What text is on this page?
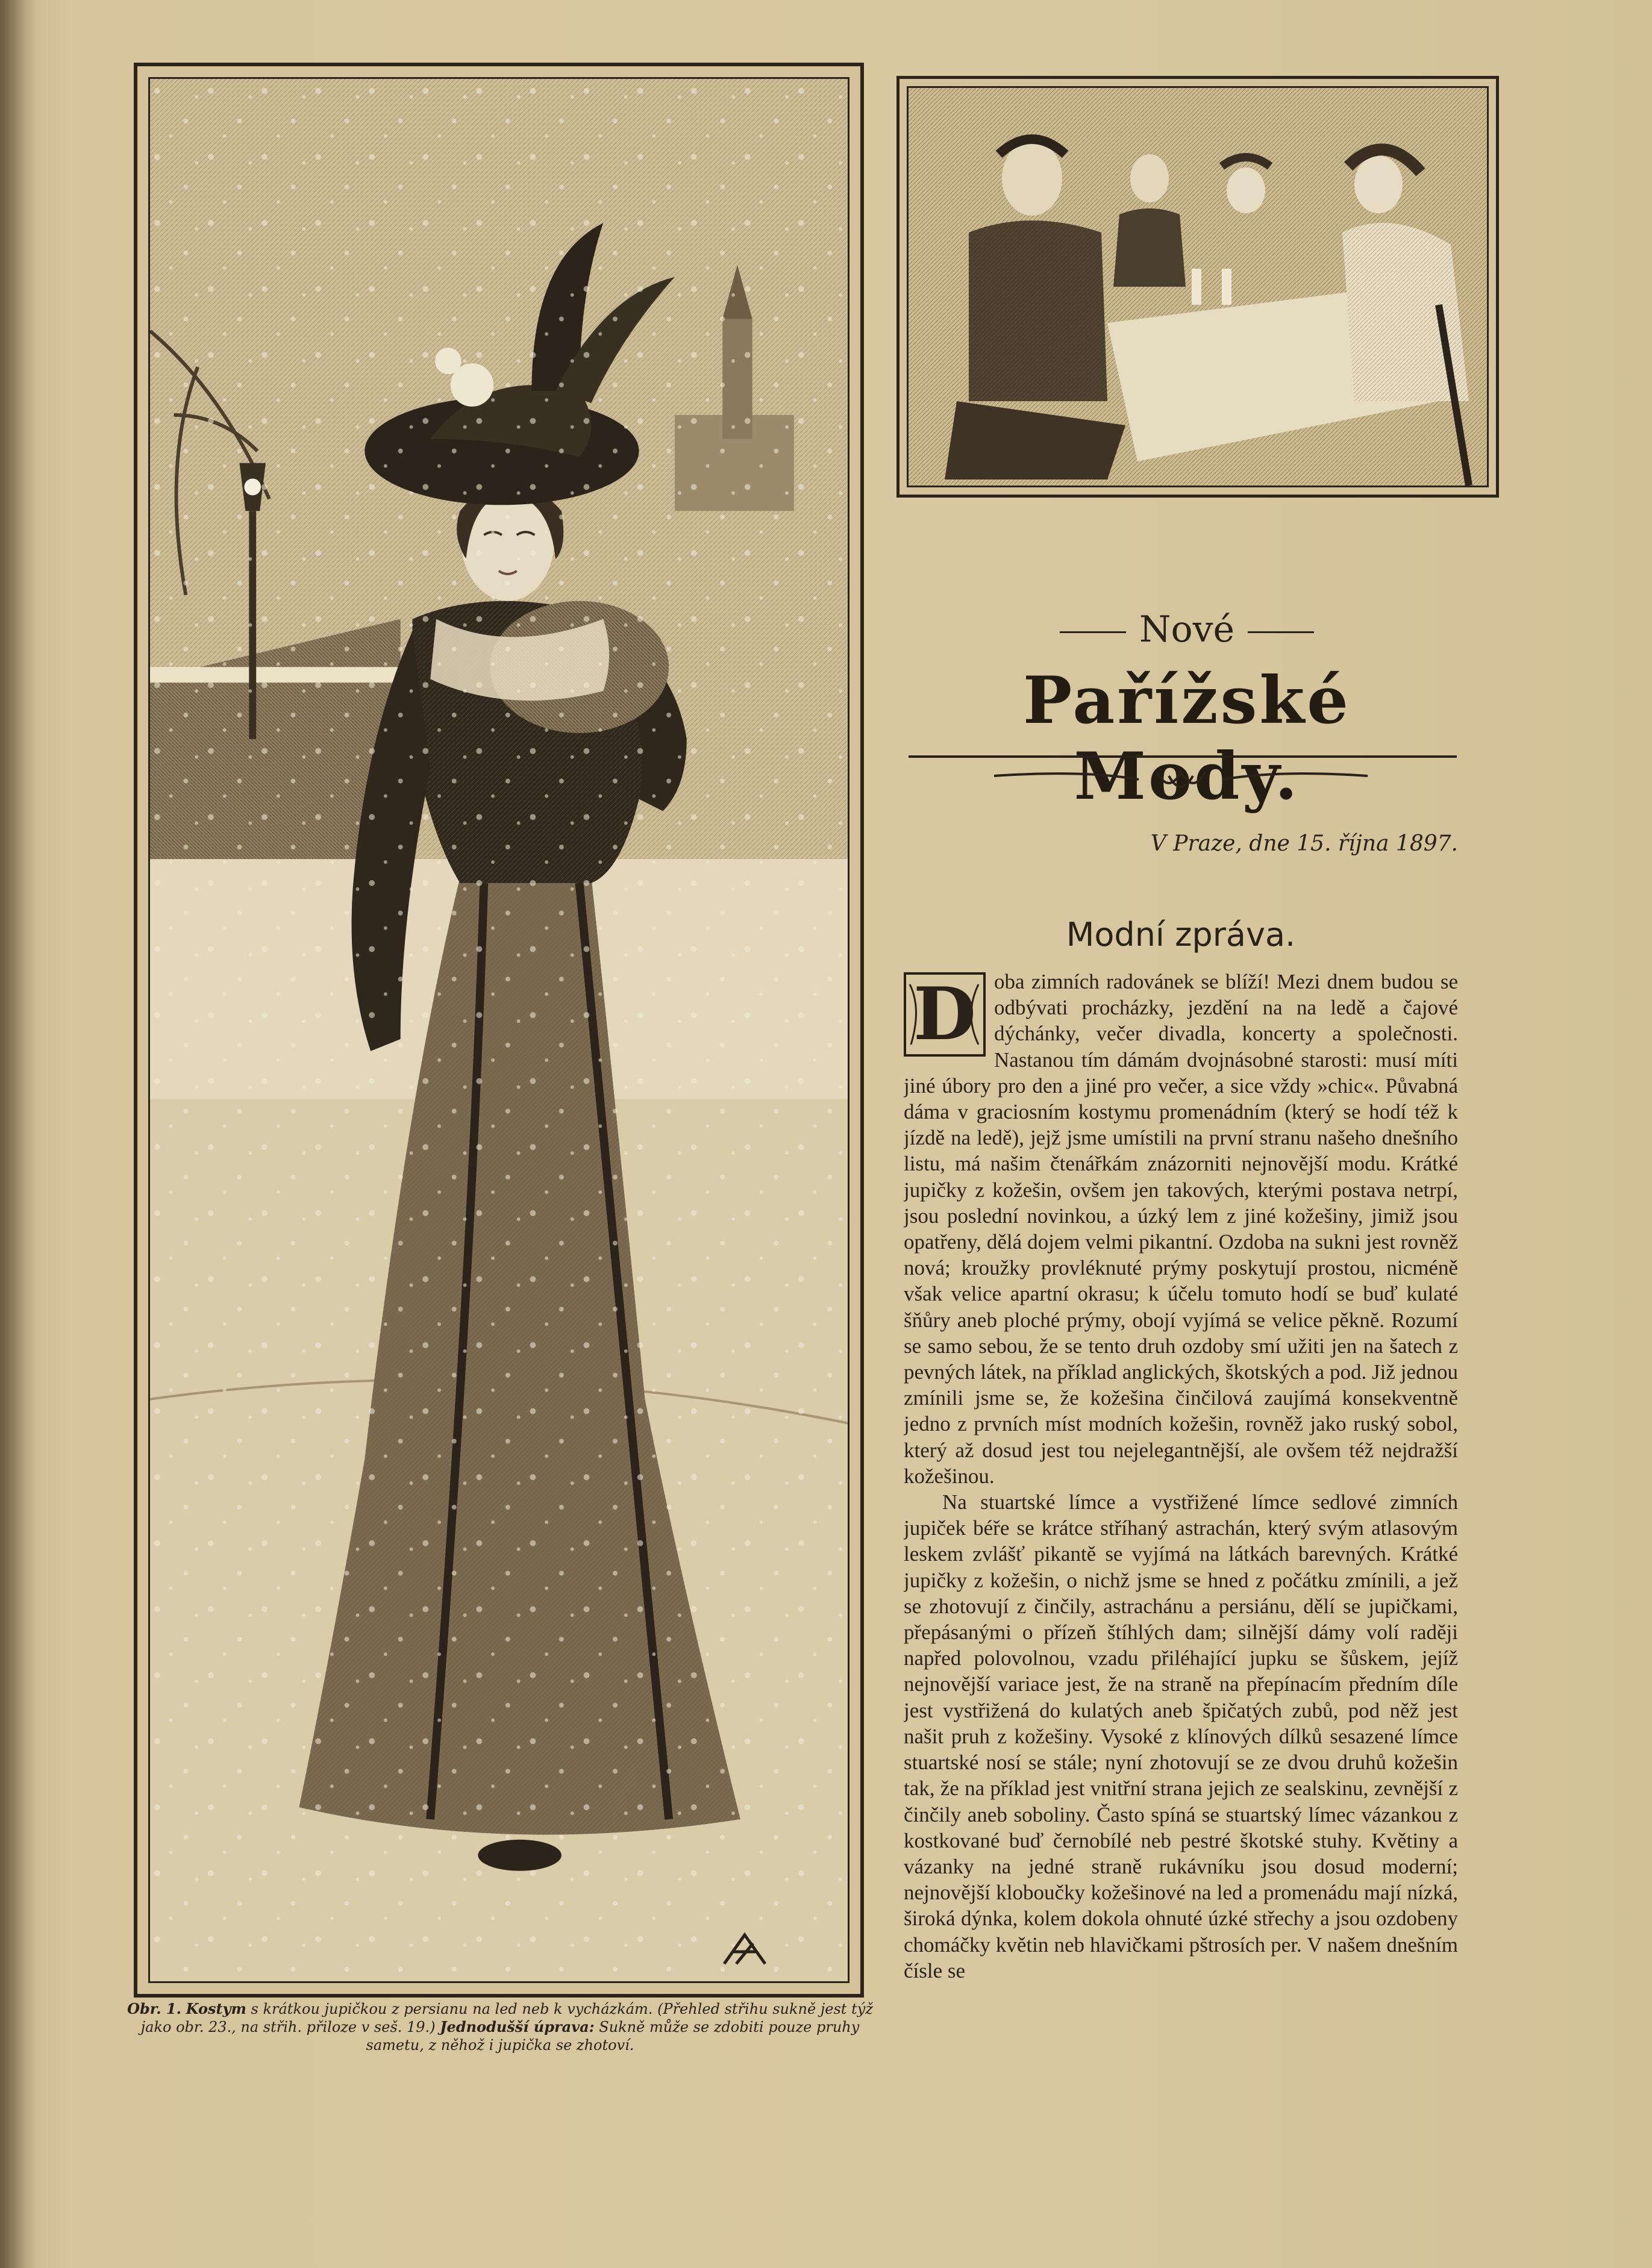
Obr. 1. Kostym s krátkou jupičkou z persianu na led neb k vycházkám. (Přehled střihu sukně jest týž jako obr. 23., na střih. přiloze v seš. 19.) Jednodušší úprava: Sukně může se zdobiti pouze pruhy sametu, z něhož i jupička se zhotoví.
Nové
Pařížské Mody.
V Praze, dne 15. října 1897.
Modní zpráva.
D oba zimních radovánek se blíží! Mezi dnem budou se odbývati procházky, jezdění na na ledě a čajové dýchánky, večer divadla, koncerty a společnosti. Nastanou tím dámám dvojnásobné starosti: musí míti jiné úbory pro den a jiné pro večer, a sice vždy »chic«. Půvabná dáma v graciosním kostymu promenádním (který se hodí též k jízdě na ledě), jejž jsme umístili na první stranu našeho dnešního listu, má našim čtenářkám znázorniti nejnovější modu. Krátké jupičky z kožešin, ovšem jen takových, kterými postava netrpí, jsou poslední novinkou, a úzký lem z jiné kožešiny, jimiž jsou opatřeny, dělá dojem velmi pikantní. Ozdoba na sukni jest rovněž nová; kroužky provléknuté prýmy poskytují prostou, nicméně však velice apartní okrasu; k účelu tomuto hodí se buď kulaté šňůry aneb ploché prýmy, obojí vyjímá se velice pěkně. Rozumí se samo sebou, že se tento druh ozdoby smí užiti jen na šatech z pevných látek, na příklad anglických, škotských a pod. Již jednou zmínili jsme se, že kožešina činčilová zaujímá konsekventně jedno z prvních míst modních kožešin, rovněž jako ruský sobol, který až dosud jest tou nejelegantnější, ale ovšem též nejdražší kožešinou.

Na stuartské límce a vystřižené límce sedlové zimních jupiček béře se krátce stříhaný astrachán, který svým atlasovým leskem zvlášť pikantě se vyjímá na látkách barevných. Krátké jupičky z kožešin, o nichž jsme se hned z počátku zmínili, a jež se zhotovují z činčily, astrachánu a persiánu, dělí se jupičkami, přepásanými o přízeň štíhlých dam; silnější dámy volí raději napřed polovolnou, vzadu přiléhající jupku se šůskem, jejíž nejnovější variace jest, že na straně na přepínacím předním díle jest vystřižená do kulatých aneb špičatých zubů, pod něž jest našit pruh z kožešiny. Vysoké z klínových dílků sesazené límce stuartské nosí se stále; nyní zhotovují se ze dvou druhů kožešin tak, že na příklad jest vnitřní strana jejich ze sealskinu, zevnější z činčily aneb soboliny. Často spíná se stuartský límec vázankou z kostkované buď černobílé neb pestré škotské stuhy. Květiny a vázanky na jedné straně rukávníku jsou dosud moderní; nejnovější kloboučky kožešinové na led a promenádu mají nízká, široká dýnka, kolem dokola ohnuté úzké střechy a jsou ozdobeny chomáčky květin neb hlavičkami pštrosích per. V našem dnešním čísle se
